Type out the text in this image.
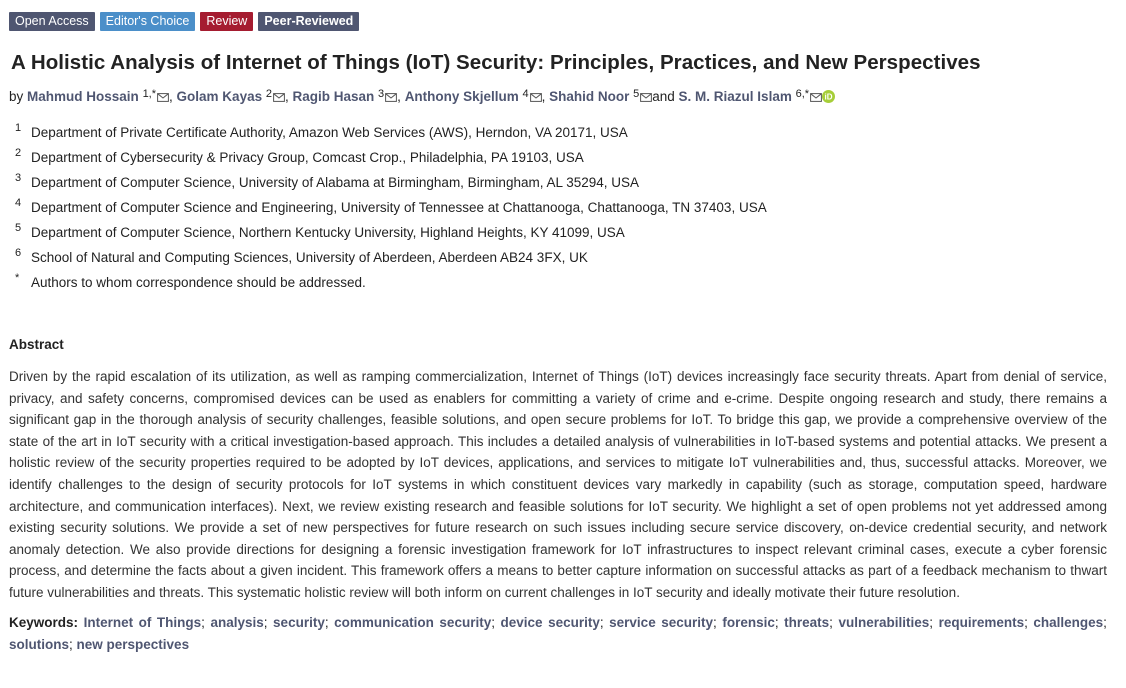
Open Access	Editor's Choice	Review	Peer-Reviewed
A Holistic Analysis of Internet of Things (IoT) Security: Principles, Practices, and New Perspectives
by Mahmud Hossain $^{1,*}$ , Golam Kayas $^2$ , Ragib Hasan $^3$ , Anthony Skjellum $^4$ , Shahid Noor $^5$ and S. M. Riazul Islam $^{6,*}$ iD
1 Department of Private Certificate Authority, Amazon Web Services (AWS), Herndon, VA 20171, USA
2 Department of Cybersecurity & Privacy Group, Comcast Crop., Philadelphia, PA 19103, USA
3 Department of Computer Science, University of Alabama at Birmingham, Birmingham, AL 35294, USA
4 Department of Computer Science and Engineering, University of Tennessee at Chattanooga, Chattanooga, TN 37403, USA
5 Department of Computer Science, Northern Kentucky University, Highland Heights, KY 41099, USA
6 School of Natural and Computing Sciences, University of Aberdeen, Aberdeen AB24 3FX, UK
* Authors to whom correspondence should be addressed.
Abstract
Driven by the rapid escalation of its utilization, as well as ramping commercialization, Internet of Things (IoT) devices increasingly face security threats. Apart from denial of service, privacy, and safety concerns, compromised devices can be used as enablers for committing a variety of crime and e-crime. Despite ongoing research and study, there remains a significant gap in the thorough analysis of security challenges, feasible solutions, and open secure problems for IoT. To bridge this gap, we provide a comprehensive overview of the state of the art in IoT security with a critical investigation-based approach. This includes a detailed analysis of vulnerabilities in IoT-based systems and potential attacks. We present a holistic review of the security properties required to be adopted by IoT devices, applications, and services to mitigate IoT vulnerabilities and, thus, successful attacks. Moreover, we identify challenges to the design of security protocols for IoT systems in which constituent devices vary markedly in capability (such as storage, computation speed, hardware architecture, and communication interfaces). Next, we review existing research and feasible solutions for IoT security. We highlight a set of open problems not yet addressed among existing security solutions. We provide a set of new perspectives for future research on such issues including secure service discovery, on-device credential security, and network anomaly detection. We also provide directions for designing a forensic investigation framework for IoT infrastructures to inspect relevant criminal cases, execute a cyber forensic process, and determine the facts about a given incident. This framework offers a means to better capture information on successful attacks as part of a feedback mechanism to thwart future vulnerabilities and threats. This systematic holistic review will both inform on current challenges in IoT security and ideally motivate their future resolution.
Keywords: Internet of Things; analysis; security; communication security; device security; service security; forensic; threats; vulnerabilities; requirements; challenges; solutions; new perspectives
